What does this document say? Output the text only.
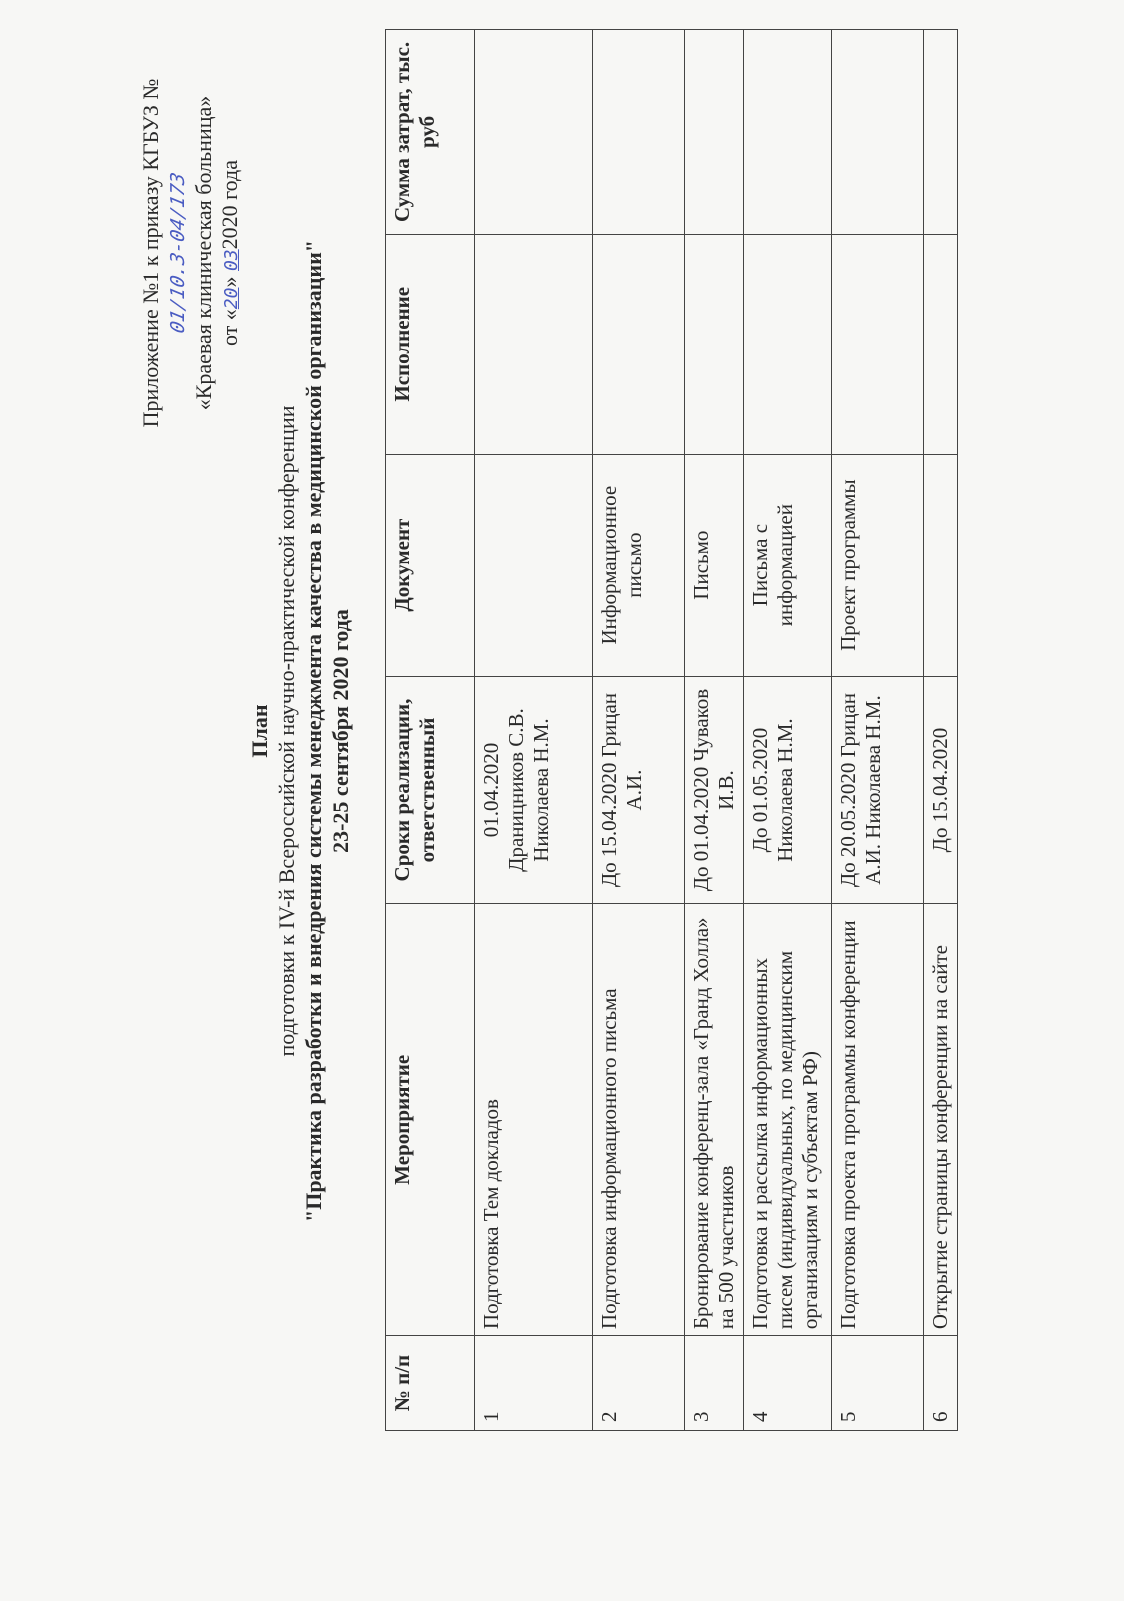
Приложение №1 к приказу КГБУЗ № 01/10.3-04/173 «Краевая клиническая больница» от «20» 032020 года
План подготовки к IV-й Всероссийской научно-практической конференции "Практика разработки и внедрения системы менеджмента качества в медицинской организации" 23-25 сентября 2020 года
№ п/п	Мероприятие	Сроки реализации, ответственный	Документ	Исполнение	Сумма затрат, тыс. руб
1	Подготовка Тем докладов	01.04.2020 Драницников С.В. Николаева Н.М.			
2	Подготовка информационного письма	До 15.04.2020 Грицан А.И.	Информационное письмо		
3	Бронирование конференц-зала «Гранд Холла» на 500 участников	До 01.04.2020 Чуваков И.В.	Письмо		
4	Подготовка и рассылка информационных писем (индивидуальных, по медицинским организациям и субъектам РФ)	До 01.05.2020 Николаева Н.М.	Письма с информацией		
5	Подготовка проекта программы конференции	До 20.05.2020 Грицан А.И. Николаева Н.М.	Проект программы		
6	Открытие страницы конференции на сайте	До 15.04.2020			
